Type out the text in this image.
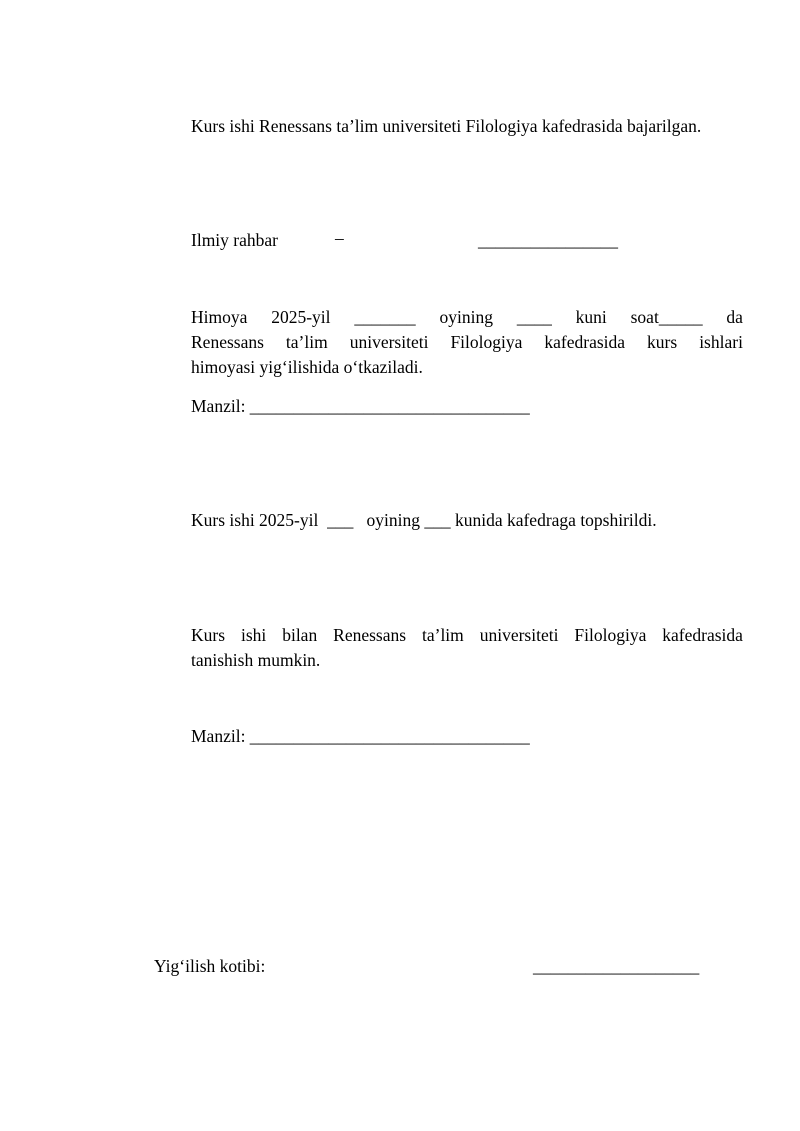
Kurs ishi Renessans ta’lim universiteti Filologiya kafedrasida bajarilgan.
Ilmiy rahbar	–	________________
Himoya 2025-yil _______ oyining ____ kuni soat_____ da
Renessans ta’lim universiteti Filologiya kafedrasida kurs ishlari
himoyasi yig‘ilishida o‘tkaziladi.
Manzil: ________________________________
Kurs ishi 2025-yil  ___   oyining ___ kunida kafedraga topshirildi.
Kurs ishi bilan Renessans ta’lim universiteti Filologiya kafedrasida
tanishish mumkin.
Manzil: ________________________________
Yig‘ilish kotibi:	___________________
